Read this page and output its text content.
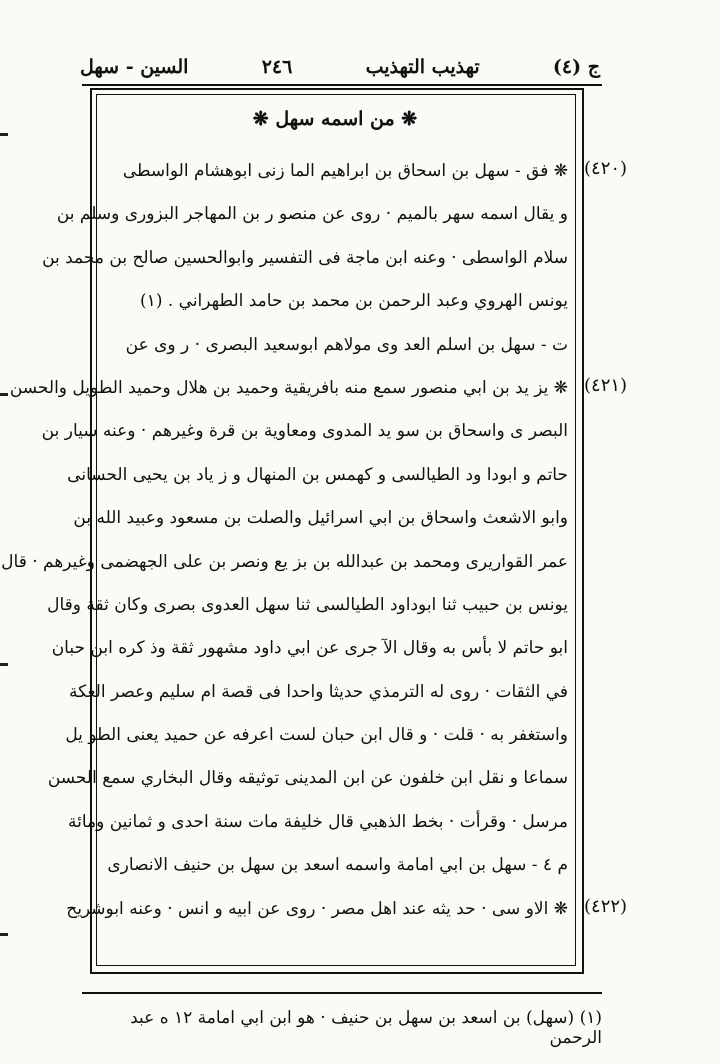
ج (٤)
تهذيب التهذيب
٢٤٦
السين - سهل
❋ من اسمه سهل ❋
❋ فق - سهل بن اسحاق بن ابراهيم الما زنى ابوهشام الواسطى
و يقال اسمه سهر بالميم · روى عن منصو ر بن المهاجر البزورى وسلم بن
سلام الواسطى · وعنه ابن ماجة فى التفسير وابوالحسين صالح بن محمد بن
يونس الهروي وعبد الرحمن بن محمد بن حامد الطهراني . (١)
ت - سهل بن اسلم العد وى مولاهم ابوسعيد البصرى · ر وى عن
❋ يز يد بن ابي منصور سمع منه بافريقية وحميد بن هلال وحميد الطويل والحسن
البصر ى واسحاق بن سو يد المدوى ومعاوية بن قرة وغيرهم · وعنه سيار بن
حاتم و ابودا ود الطيالسى و كهمس بن المنهال و ز ياد بن يحيى الحسانى
وابو الاشعث واسحاق بن ابي اسرائيل والصلت بن مسعود وعبيد الله بن
عمر القواريرى ومحمد بن عبدالله بن بز يع ونصر بن على الجهضمى وغيرهم · قال
يونس بن حبيب ثنا ابوداود الطيالسى ثنا سهل العدوى بصرى وكان ثقة وقال
ابو حاتم لا بأس به وقال الآ جرى عن ابي داود مشهور ثقة وذ كره ابن حبان
في الثقات · روى له الترمذي حديثا واحدا فى قصة ام سليم وعصر العكة
واستغفر به · قلت · و قال ابن حبان لست اعرفه عن حميد يعنى الطو يل
سماعا و نقل ابن خلفون عن ابن المدينى توثيقه وقال البخاري سمع الحسن
مرسل · وقرأت · بخط الذهبي قال خليفة مات سنة احدى و ثمانين ومائة
م ٤ - سهل بن ابي امامة واسمه اسعد بن سهل بن حنيف الانصارى
❋ الاو سى · حد يثه عند اهل مصر · روى عن ابيه و انس · وعنه ابوشريح
(٤٢٠)
(٤٢١)
(٤٢٢)
(١) (سهل) بن اسعد بن سهل بن حنيف · هو ابن ابي امامة ١٢ ه عبد الرحمن
